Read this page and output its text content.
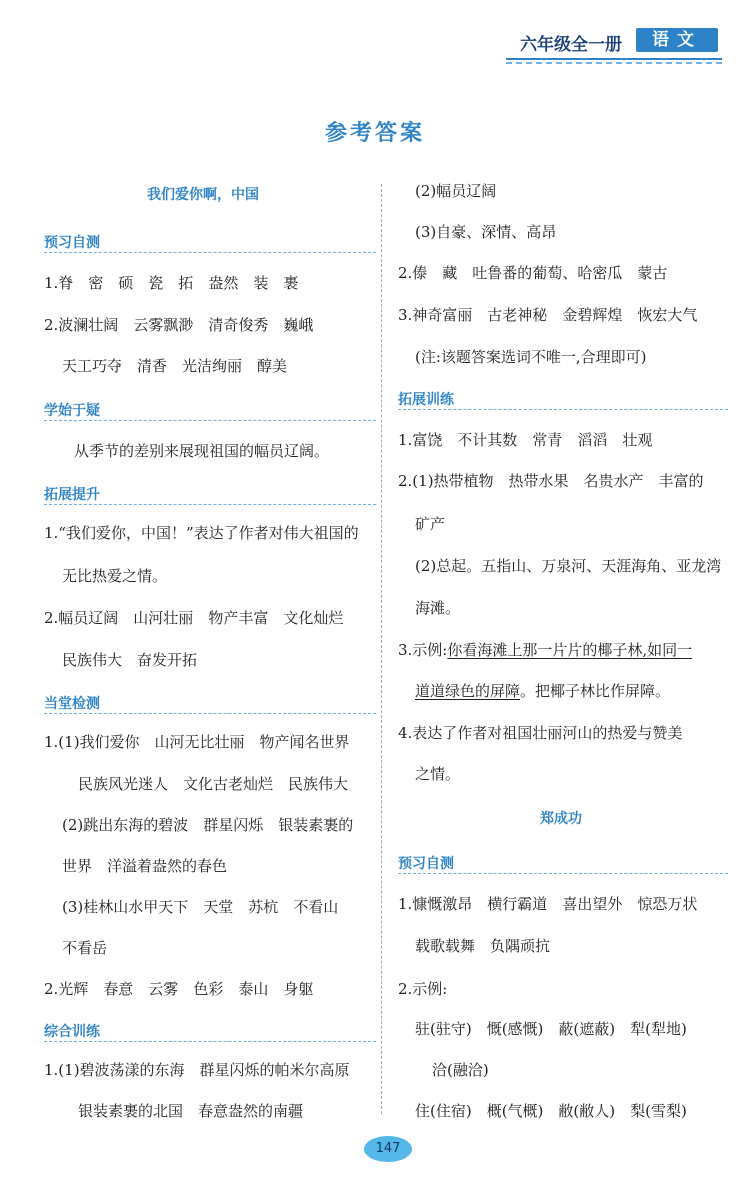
六年级全一册	语文
参考答案
我们爱你啊，中国
预习自测
1.脊　密　硕　瓷　拓　盎然　装　裹
2.波澜壮阔　云雾飘渺　清奇俊秀　巍峨
天工巧夺　清香　光洁绚丽　醇美
学始于疑
从季节的差别来展现祖国的幅员辽阔。
拓展提升
1.“我们爱你，中国！”表达了作者对伟大祖国的
无比热爱之情。
2.幅员辽阔　山河壮丽　物产丰富　文化灿烂
民族伟大　奋发开拓
当堂检测
1.(1)我们爱你　山河无比壮丽　物产闻名世界
民族风光迷人　文化古老灿烂　民族伟大
(2)跳出东海的碧波　群星闪烁　银装素裹的
世界　洋溢着盎然的春色
(3)桂林山水甲天下　天堂　苏杭　不看山
不看岳
2.光辉　春意　云雾　色彩　泰山　身躯
综合训练
1.(1)碧波荡漾的东海　群星闪烁的帕米尔高原
银装素裹的北国　春意盎然的南疆
(2)幅员辽阔
(3)自豪、深情、高昂
2.傣　藏　吐鲁番的葡萄、哈密瓜　蒙古
3.神奇富丽　古老神秘　金碧辉煌　恢宏大气
(注:该题答案选词不唯一,合理即可)
拓展训练
1.富饶　不计其数　常青　滔滔　壮观
2.(1)热带植物　热带水果　名贵水产　丰富的
矿产
(2)总起。五指山、万泉河、天涯海角、亚龙湾
海滩。
3.示例:你看海滩上那一片片的椰子林,如同一
道道绿色的屏障。把椰子林比作屏障。
4.表达了作者对祖国壮丽河山的热爱与赞美
之情。
郑成功
预习自测
1.慷慨激昂　横行霸道　喜出望外　惊恐万状
载歌载舞　负隅顽抗
2.示例:
驻(驻守)　慨(感慨)　蔽(遮蔽)　犁(犁地)
洽(融洽)
住(住宿)　概(气概)　敝(敝人)　梨(雪梨)
147
